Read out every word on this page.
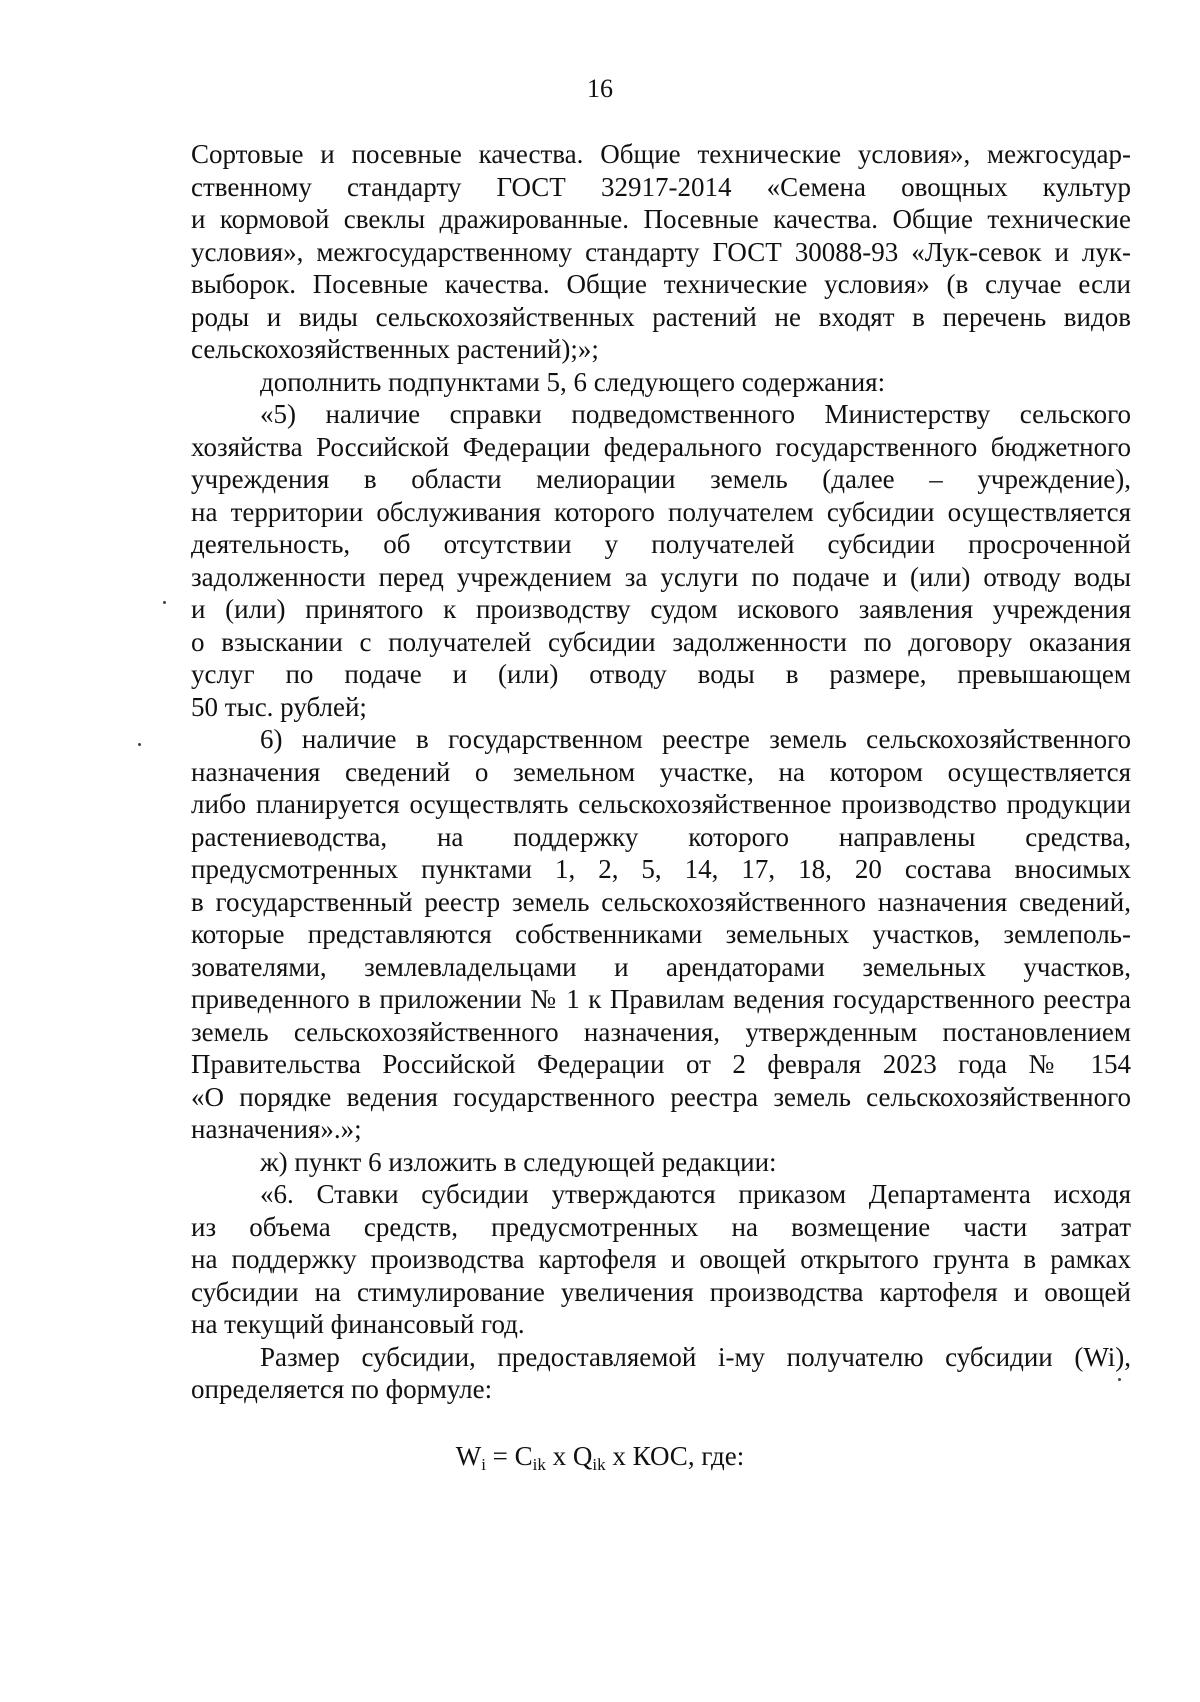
16
Сортовые и посевные качества. Общие технические условия», межгосудар-
ственному стандарту ГОСТ 32917-2014 «Семена овощных культур
и кормовой свеклы дражированные. Посевные качества. Общие технические
условия», межгосударственному стандарту ГОСТ 30088-93 «Лук-севок и лук-
выборок. Посевные качества. Общие технические условия» (в случае если
роды и виды сельскохозяйственных растений не входят в перечень видов
сельскохозяйственных растений);»;
дополнить подпунктами 5, 6 следующего содержания:
«5) наличие справки подведомственного Министерству сельского
хозяйства Российской Федерации федерального государственного бюджетного
учреждения в области мелиорации земель (далее – учреждение),
на территории обслуживания которого получателем субсидии осуществляется
деятельность, об отсутствии у получателей субсидии просроченной
задолженности перед учреждением за услуги по подаче и (или) отводу воды
и (или) принятого к производству судом искового заявления учреждения
о взыскании с получателей субсидии задолженности по договору оказания
услуг по подаче и (или) отводу воды в размере, превышающем
50 тыс. рублей;
6) наличие в государственном реестре земель сельскохозяйственного
назначения сведений о земельном участке, на котором осуществляется
либо планируется осуществлять сельскохозяйственное производство продукции
растениеводства, на поддержку которого направлены средства,
предусмотренных пунктами 1, 2, 5, 14, 17, 18, 20 состава вносимых
в государственный реестр земель сельскохозяйственного назначения сведений,
которые представляются собственниками земельных участков, землеполь-
зователями, землевладельцами и арендаторами земельных участков,
приведенного в приложении № 1 к Правилам ведения государственного реестра
земель сельскохозяйственного назначения, утвержденным постановлением
Правительства Российской Федерации от 2 февраля 2023 года № 154
«О порядке ведения государственного реестра земель сельскохозяйственного
назначения».»;
ж) пункт 6 изложить в следующей редакции:
«6. Ставки субсидии утверждаются приказом Департамента исходя
из объема средств, предусмотренных на возмещение части затрат
на поддержку производства картофеля и овощей открытого грунта в рамках
субсидии на стимулирование увеличения производства картофеля и овощей
на текущий финансовый год.
Размер субсидии, предоставляемой i-му получателю субсидии (Wi),
определяется по формуле:
$W_i = C_{ik}$ x $Q_{ik}$ x КОС, где:
